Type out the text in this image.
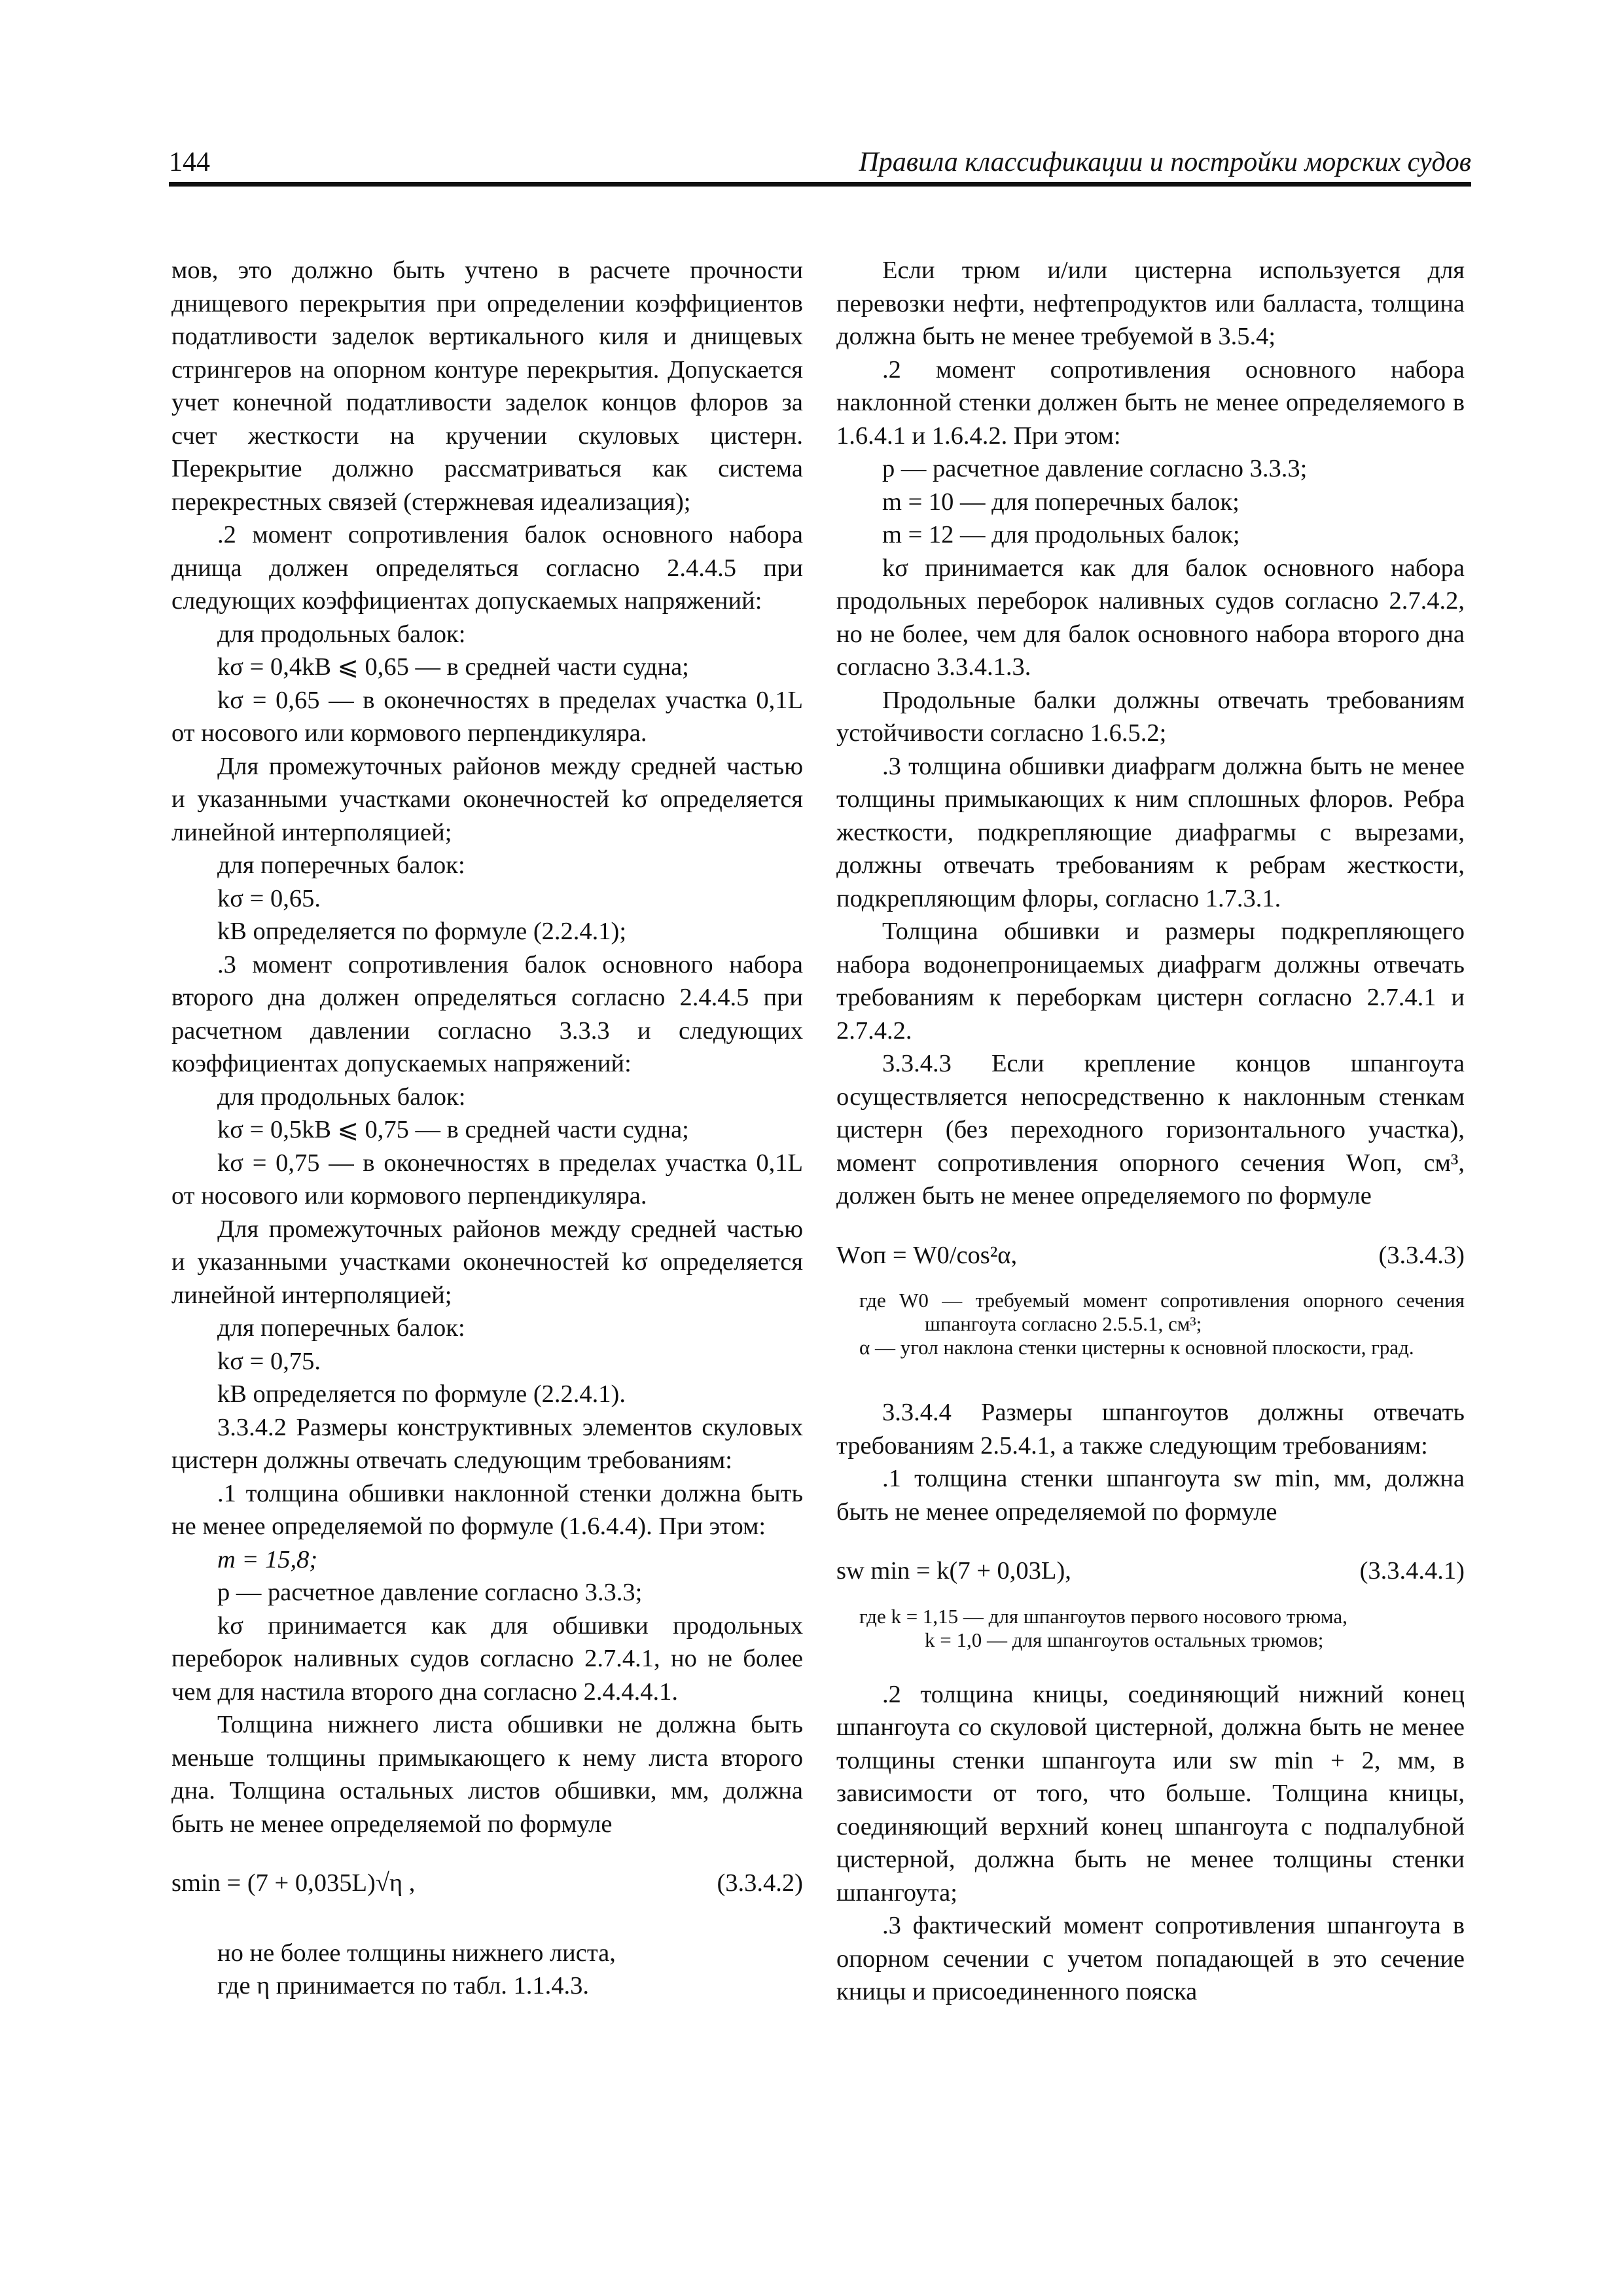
144	Правила классификации и постройки морских судов

мов, это должно быть учтено в расчете прочности днищевого перекрытия при определении коэффициентов податливости заделок вертикального киля и днищевых стрингеров на опорном контуре перекрытия. Допускается учет конечной податливости заделок концов флоров за счет жесткости на кручении скуловых цистерн. Перекрытие должно рассматриваться как система перекрестных связей (стержневая идеализация);

.2 момент сопротивления балок основного набора днища должен определяться согласно 2.4.4.5 при следующих коэффициентах допускаемых напряжений:

для продольных балок:

kσ = 0,4kB ⩽ 0,65 — в средней части судна;

kσ = 0,65 — в оконечностях в пределах участка 0,1L от носового или кормового перпендикуляра.

Для промежуточных районов между средней частью и указанными участками оконечностей kσ определяется линейной интерполяцией;

для поперечных балок:

kσ = 0,65.

kB определяется по формуле (2.2.4.1);

.3 момент сопротивления балок основного набора второго дна должен определяться согласно 2.4.4.5 при расчетном давлении согласно 3.3.3 и следующих коэффициентах допускаемых напряжений:

для продольных балок:

kσ = 0,5kB ⩽ 0,75 — в средней части судна;

kσ = 0,75 — в оконечностях в пределах участка 0,1L от носового или кормового перпендикуляра.

Для промежуточных районов между средней частью и указанными участками оконечностей kσ определяется линейной интерполяцией;

для поперечных балок:

kσ = 0,75.

kB определяется по формуле (2.2.4.1).

3.3.4.2 Размеры конструктивных элементов скуловых цистерн должны отвечать следующим требованиям:

.1 толщина обшивки наклонной стенки должна быть не менее определяемой по формуле (1.6.4.4). При этом:

m = 15,8;

p — расчетное давление согласно 3.3.3;

kσ принимается как для обшивки продольных переборок наливных судов согласно 2.7.4.1, но не более чем для настила второго дна согласно 2.4.4.4.1.

Толщина нижнего листа обшивки не должна быть меньше толщины примыкающего к нему листа второго дна. Толщина остальных листов обшивки, мм, должна быть не менее определяемой по формуле

smin = (7 + 0,035L)√η ,	(3.3.4.2)

но не более толщины нижнего листа,

где η принимается по табл. 1.1.4.3.

Если трюм и/или цистерна используется для перевозки нефти, нефтепродуктов или балласта, толщина должна быть не менее требуемой в 3.5.4;

.2 момент сопротивления основного набора наклонной стенки должен быть не менее определяемого в 1.6.4.1 и 1.6.4.2. При этом:

p — расчетное давление согласно 3.3.3;

m = 10 — для поперечных балок;

m = 12 — для продольных балок;

kσ принимается как для балок основного набора продольных переборок наливных судов согласно 2.7.4.2, но не более, чем для балок основного набора второго дна согласно 3.3.4.1.3.

Продольные балки должны отвечать требованиям устойчивости согласно 1.6.5.2;

.3 толщина обшивки диафрагм должна быть не менее толщины примыкающих к ним сплошных флоров. Ребра жесткости, подкрепляющие диафрагмы с вырезами, должны отвечать требованиям к ребрам жесткости, подкрепляющим флоры, согласно 1.7.3.1.

Толщина обшивки и размеры подкрепляющего набора водонепроницаемых диафрагм должны отвечать требованиям к переборкам цистерн согласно 2.7.4.1 и 2.7.4.2.

3.3.4.3 Если крепление концов шпангоута осуществляется непосредственно к наклонным стенкам цистерн (без переходного горизонтального участка), момент сопротивления опорного сечения Wоп, см³, должен быть не менее определяемого по формуле

Wоп = W0/cos²α,	(3.3.4.3)

где W0 — требуемый момент сопротивления опорного сечения шпангоута согласно 2.5.5.1, см³;

α — угол наклона стенки цистерны к основной плоскости, град.

3.3.4.4 Размеры шпангоутов должны отвечать требованиям 2.5.4.1, а также следующим требованиям:

.1 толщина стенки шпангоута sw min, мм, должна быть не менее определяемой по формуле

sw min = k(7 + 0,03L),	(3.3.4.4.1)

где k = 1,15 — для шпангоутов первого носового трюма,

k = 1,0 — для шпангоутов остальных трюмов;

.2 толщина кницы, соединяющий нижний конец шпангоута со скуловой цистерной, должна быть не менее толщины стенки шпангоута или sw min + 2, мм, в зависимости от того, что больше. Толщина кницы, соединяющий верхний конец шпангоута с подпалубной цистерной, должна быть не менее толщины стенки шпангоута;

.3 фактический момент сопротивления шпангоута в опорном сечении с учетом попадающей в это сечение кницы и присоединенного пояска
